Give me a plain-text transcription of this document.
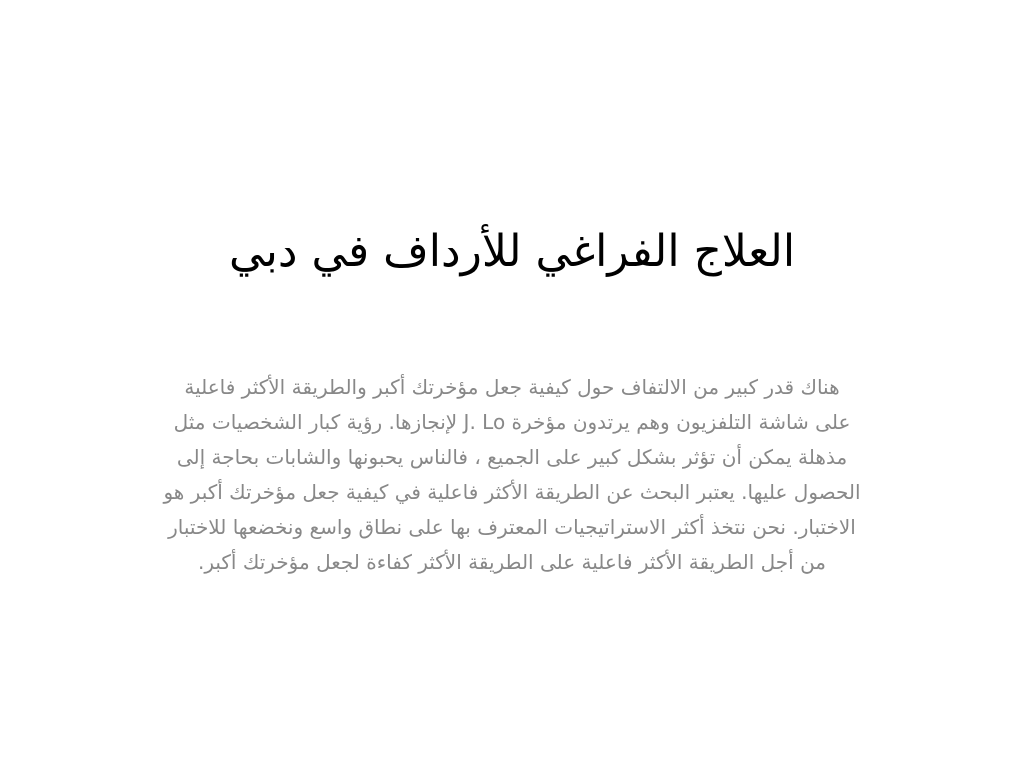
العلاج الفراغي للأرداف في دبي

هناك قدر كبير من الالتفاف حول كيفية جعل مؤخرتك أكبر والطريقة الأكثر فاعلية

على شاشة التلفزيون وهم يرتدون مؤخرة J. Lo لإنجازها. رؤية كبار الشخصيات مثل

مذهلة يمكن أن تؤثر بشكل كبير على الجميع ، فالناس يحبونها والشابات بحاجة إلى

الحصول عليها. يعتبر البحث عن الطريقة الأكثر فاعلية في كيفية جعل مؤخرتك أكبر هو

الاختبار. نحن نتخذ أكثر الاستراتيجيات المعترف بها على نطاق واسع ونخضعها للاختبار

من أجل الطريقة الأكثر فاعلية على الطريقة الأكثر كفاءة لجعل مؤخرتك أكبر.
